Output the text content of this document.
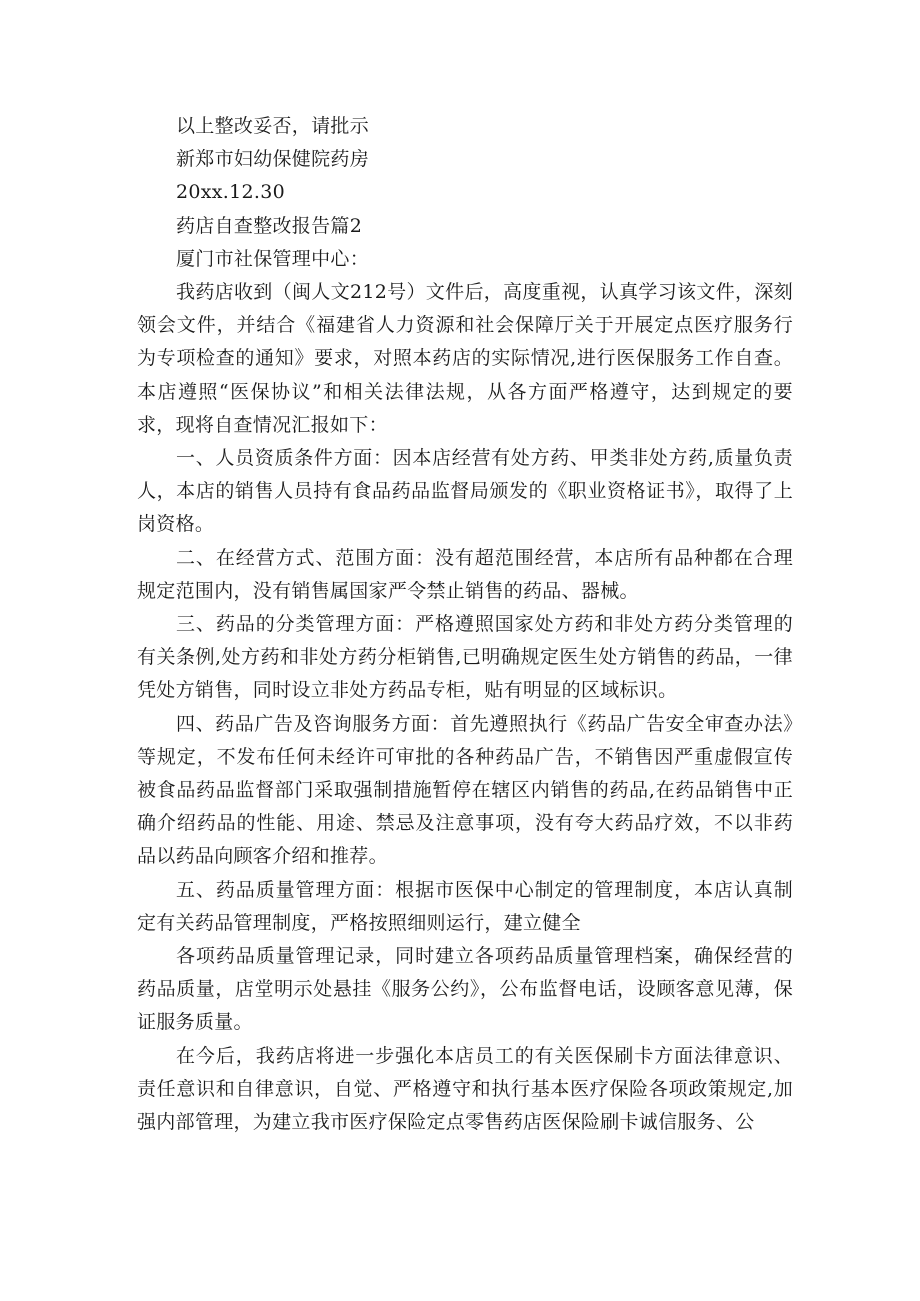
以上整改妥否，请批示

新郑市妇幼保健院药房

20xx.12.30

药店自查整改报告篇2

厦门市社保管理中心：

我药店收到（闽人文212号）文件后，高度重视，认真学习该文件，深刻领会文件，并结合《福建省人力资源和社会保障厅关于开展定点医疗服务行为专项检查的通知》要求，对照本药店的实际情况,进行医保服务工作自查。本店遵照“医保协议”和相关法律法规，从各方面严格遵守，达到规定的要求，现将自查情况汇报如下：

一、人员资质条件方面：因本店经营有处方药、甲类非处方药,质量负责人，本店的销售人员持有食品药品监督局颁发的《职业资格证书》，取得了上岗资格。

二、在经营方式、范围方面：没有超范围经营，本店所有品种都在合理规定范围内，没有销售属国家严令禁止销售的药品、器械。

三、药品的分类管理方面：严格遵照国家处方药和非处方药分类管理的有关条例,处方药和非处方药分柜销售,已明确规定医生处方销售的药品，一律凭处方销售，同时设立非处方药品专柜，贴有明显的区域标识。

四、药品广告及咨询服务方面：首先遵照执行《药品广告安全审查办法》等规定，不发布任何未经许可审批的各种药品广告，不销售因严重虚假宣传被食品药品监督部门采取强制措施暂停在辖区内销售的药品,在药品销售中正确介绍药品的性能、用途、禁忌及注意事项，没有夸大药品疗效，不以非药品以药品向顾客介绍和推荐。

五、药品质量管理方面：根据市医保中心制定的管理制度，本店认真制定有关药品管理制度，严格按照细则运行，建立健全

各项药品质量管理记录，同时建立各项药品质量管理档案，确保经营的药品质量，店堂明示处悬挂《服务公约》，公布监督电话，设顾客意见薄，保证服务质量。

在今后，我药店将进一步强化本店员工的有关医保刷卡方面法律意识、责任意识和自律意识，自觉、严格遵守和执行基本医疗保险各项政策规定,加强内部管理，为建立我市医疗保险定点零售药店医保险刷卡诚信服务、公
